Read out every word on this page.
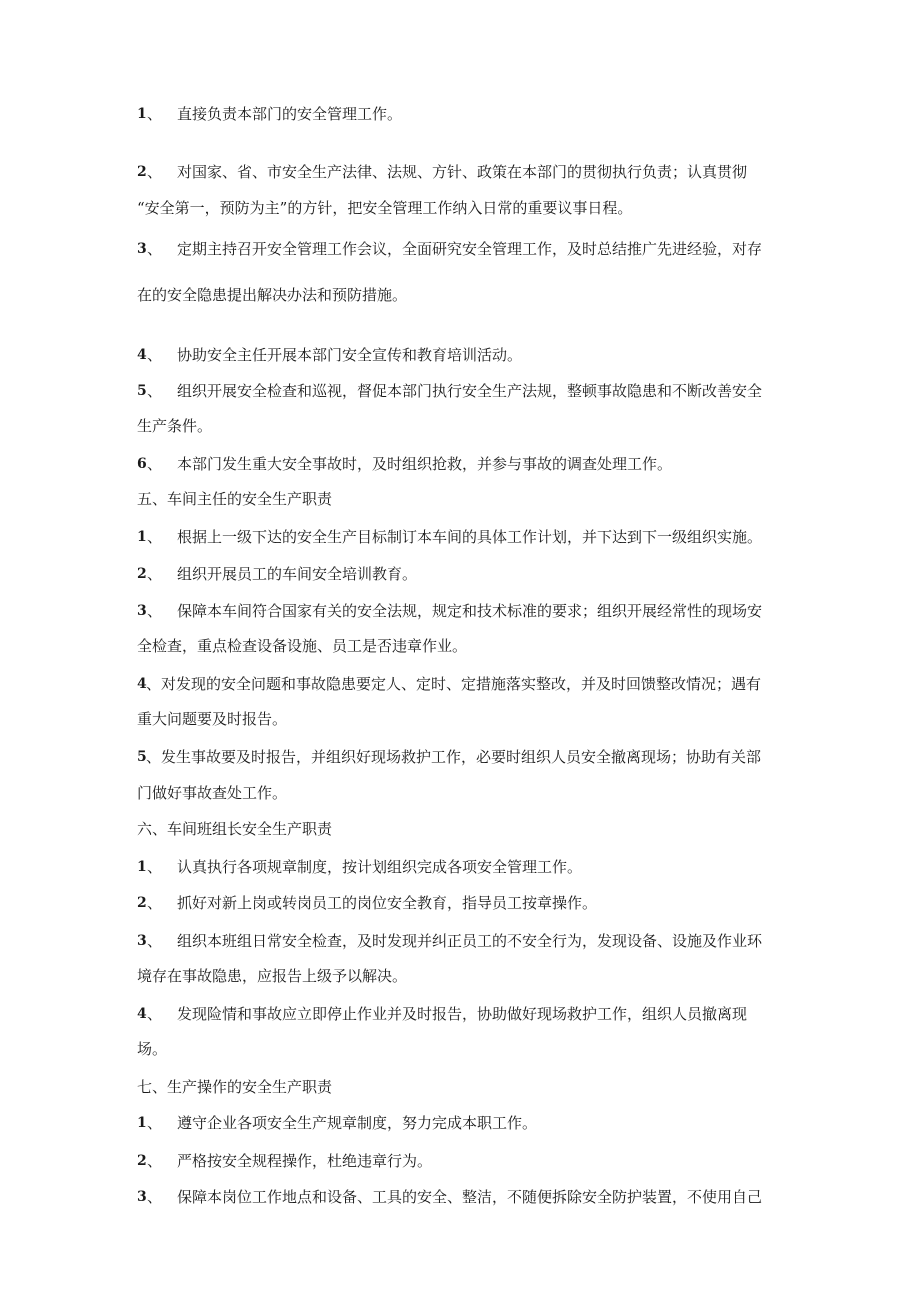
1 、 直接负责本部门的安全管理工作。
2 、 对国家、省、市安全生产法律、法规、方针、政策在本部门的贯彻执行负责；认真贯彻
“安全第一，预防为主”的方针，把安全管理工作纳入日常的重要议事日程。
3 、 定期主持召开安全管理工作会议，全面研究安全管理工作，及时总结推广先进经验，对存
在的安全隐患提出解决办法和预防措施。
4 、 协助安全主任开展本部门安全宣传和教育培训活动。
5 、 组织开展安全检查和巡视，督促本部门执行安全生产法规，整顿事故隐患和不断改善安全
生产条件。
6 、 本部门发生重大安全事故时，及时组织抢救，并参与事故的调查处理工作。
五、车间主任的安全生产职责
1 、 根据上一级下达的安全生产目标制订本车间的具体工作计划，并下达到下一级组织实施。
2 、 组织开展员工的车间安全培训教育。
3 、 保障本车间符合国家有关的安全法规，规定和技术标准的要求；组织开展经常性的现场安
全检查，重点检查设备设施、员工是否违章作业。
4 、 对发现的安全问题和事故隐患要定人、定时、定措施落实整改，并及时回馈整改情况；遇有
重大问题要及时报告。
5 、 发生事故要及时报告，并组织好现场救护工作，必要时组织人员安全撤离现场；协助有关部
门做好事故查处工作。
六、车间班组长安全生产职责
1 、 认真执行各项规章制度，按计划组织完成各项安全管理工作。
2 、 抓好对新上岗或转岗员工的岗位安全教育，指导员工按章操作。
3 、 组织本班组日常安全检查，及时发现并纠正员工的不安全行为，发现设备、设施及作业环
境存在事故隐患，应报告上级予以解决。
4 、 发现险情和事故应立即停止作业并及时报告，协助做好现场救护工作，组织人员撤离现
场。
七、生产操作的安全生产职责
1 、 遵守企业各项安全生产规章制度，努力完成本职工作。
2 、 严格按安全规程操作，杜绝违章行为。
3 、 保障本岗位工作地点和设备、工具的安全、整洁，不随便拆除安全防护装置，不使用自己
